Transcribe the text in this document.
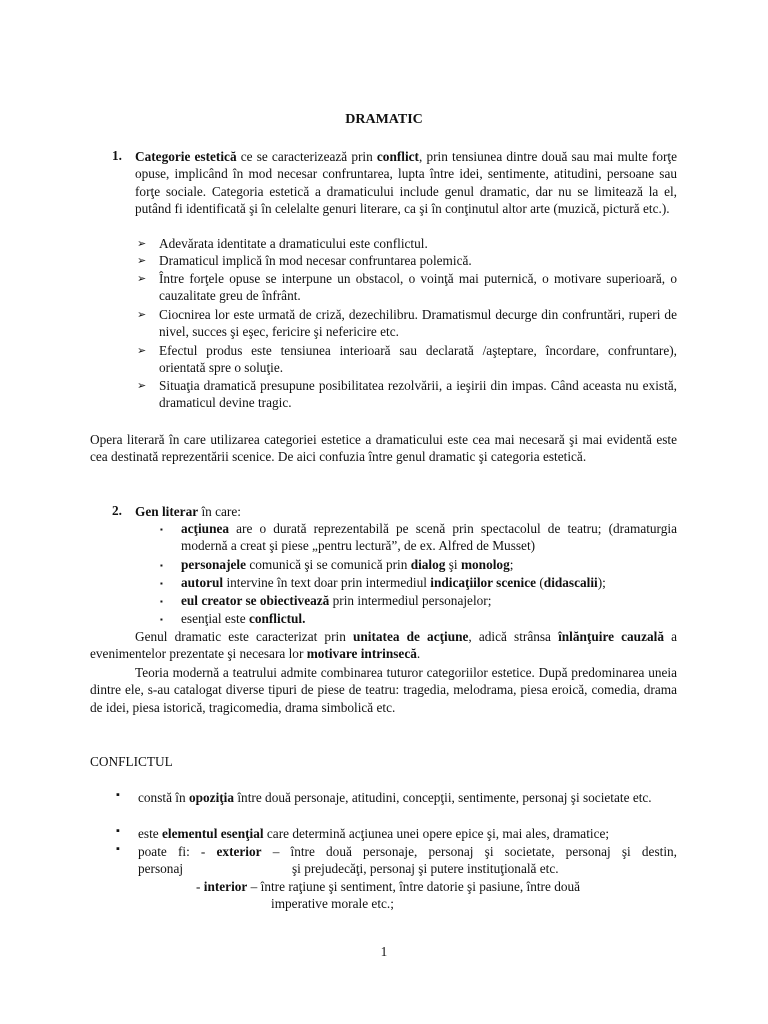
DRAMATIC
1. Categorie estetică ce se caracterizează prin conflict, prin tensiunea dintre două sau mai multe forţe opuse, implicând în mod necesar confruntarea, lupta între idei, sentimente, atitudini, persoane sau forţe sociale. Categoria estetică a dramaticului include genul dramatic, dar nu se limitează la el, putând fi identificată şi în celelalte genuri literare, ca şi în conţinutul altor arte (muzică, pictură etc.).
➢ Adevărata identitate a dramaticului este conflictul.
➢ Dramaticul implică în mod necesar confruntarea polemică.
➢ Între forţele opuse se interpune un obstacol, o voinţă mai puternică, o motivare superioară, o cauzalitate greu de înfrânt.
➢ Ciocnirea lor este urmată de criză, dezechilibru. Dramatismul decurge din confruntări, ruperi de nivel, succes şi eşec, fericire şi nefericire etc.
➢ Efectul produs este tensiunea interioară sau declarată /aşteptare, încordare, confruntare), orientată spre o soluţie.
➢ Situaţia dramatică presupune posibilitatea rezolvării, a ieşirii din impas. Când aceasta nu există, dramaticul devine tragic.
Opera literară în care utilizarea categoriei estetice a dramaticului este cea mai necesară şi mai evidentă este cea destinată reprezentării scenice. De aici confuzia între genul dramatic şi categoria estetică.
2. Gen literar în care:
▪ acţiunea are o durată reprezentabilă pe scenă prin spectacolul de teatru; (dramaturgia modernă a creat şi piese „pentru lectură”, de ex. Alfred de Musset)
▪ personajele comunică şi se comunică prin dialog şi monolog;
▪ autorul intervine în text doar prin intermediul indicaţiilor scenice (didascalii);
▪ eul creator se obiectivează prin intermediul personajelor;
▪ esenţial este conflictul.
Genul dramatic este caracterizat prin unitatea de acţiune, adică strânsa înlănţuire cauzală a evenimentelor prezentate şi necesara lor motivare intrinsecă.
Teoria modernă a teatrului admite combinarea tuturor categoriilor estetice. După predominarea uneia dintre ele, s-au catalogat diverse tipuri de piese de teatru: tragedia, melodrama, piesa eroică, comedia, drama de idei, piesa istorică, tragicomedia, drama simbolică etc.
CONFLICTUL
▪ constă în opoziţia între două personaje, atitudini, concepţii, sentimente, personaj şi societate etc.
▪ este elementul esenţial care determină acţiunea unei opere epice şi, mai ales, dramatice;
▪ poate fi: - exterior – între două personaje, personaj şi societate, personaj şi destin,
personaj	şi prejudecăţi, personaj şi putere instituţională etc.
- interior – între raţiune şi sentiment, între datorie şi pasiune, între două
imperative morale etc.;
1
